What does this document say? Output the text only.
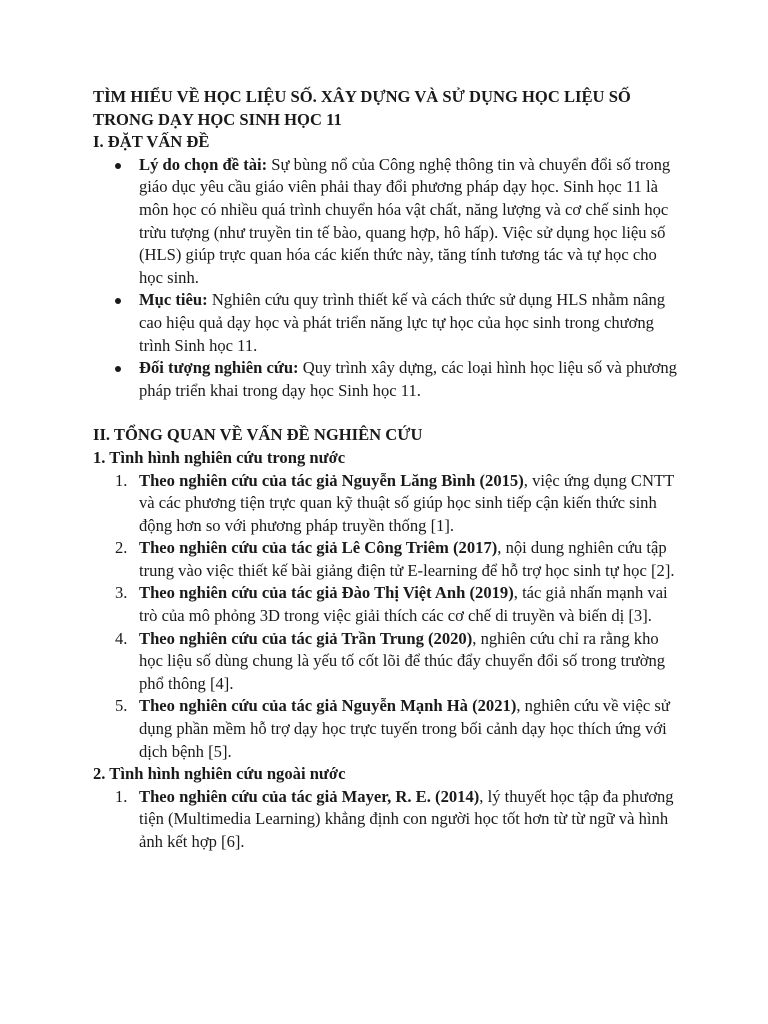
TÌM HIỂU VỀ HỌC LIỆU SỐ. XÂY DỰNG VÀ SỬ DỤNG HỌC LIỆU SỐ TRONG DẠY HỌC SINH HỌC 11

I. ĐẶT VẤN ĐỀ

Lý do chọn đề tài: Sự bùng nổ của Công nghệ thông tin và chuyển đổi số trong giáo dục yêu cầu giáo viên phải thay đổi phương pháp dạy học. Sinh học 11 là môn học có nhiều quá trình chuyển hóa vật chất, năng lượng và cơ chế sinh học trừu tượng (như truyền tin tế bào, quang hợp, hô hấp). Việc sử dụng học liệu số (HLS) giúp trực quan hóa các kiến thức này, tăng tính tương tác và tự học cho học sinh.
Mục tiêu: Nghiên cứu quy trình thiết kế và cách thức sử dụng HLS nhằm nâng cao hiệu quả dạy học và phát triển năng lực tự học của học sinh trong chương trình Sinh học 11.
Đối tượng nghiên cứu: Quy trình xây dựng, các loại hình học liệu số và phương pháp triển khai trong dạy học Sinh học 11.

II. TỔNG QUAN VỀ VẤN ĐỀ NGHIÊN CỨU

1. Tình hình nghiên cứu trong nước

1. Theo nghiên cứu của tác giả Nguyễn Lăng Bình (2015), việc ứng dụng CNTT và các phương tiện trực quan kỹ thuật số giúp học sinh tiếp cận kiến thức sinh động hơn so với phương pháp truyền thống [1].
2. Theo nghiên cứu của tác giả Lê Công Triêm (2017), nội dung nghiên cứu tập trung vào việc thiết kế bài giảng điện tử E-learning để hỗ trợ học sinh tự học [2].
3. Theo nghiên cứu của tác giả Đào Thị Việt Anh (2019), tác giả nhấn mạnh vai trò của mô phỏng 3D trong việc giải thích các cơ chế di truyền và biến dị [3].
4. Theo nghiên cứu của tác giả Trần Trung (2020), nghiên cứu chỉ ra rằng kho học liệu số dùng chung là yếu tố cốt lõi để thúc đẩy chuyển đổi số trong trường phổ thông [4].
5. Theo nghiên cứu của tác giả Nguyễn Mạnh Hà (2021), nghiên cứu về việc sử dụng phần mềm hỗ trợ dạy học trực tuyến trong bối cảnh dạy học thích ứng với dịch bệnh [5].

2. Tình hình nghiên cứu ngoài nước

1. Theo nghiên cứu của tác giả Mayer, R. E. (2014), lý thuyết học tập đa phương tiện (Multimedia Learning) khẳng định con người học tốt hơn từ từ ngữ và hình ảnh kết hợp [6].
